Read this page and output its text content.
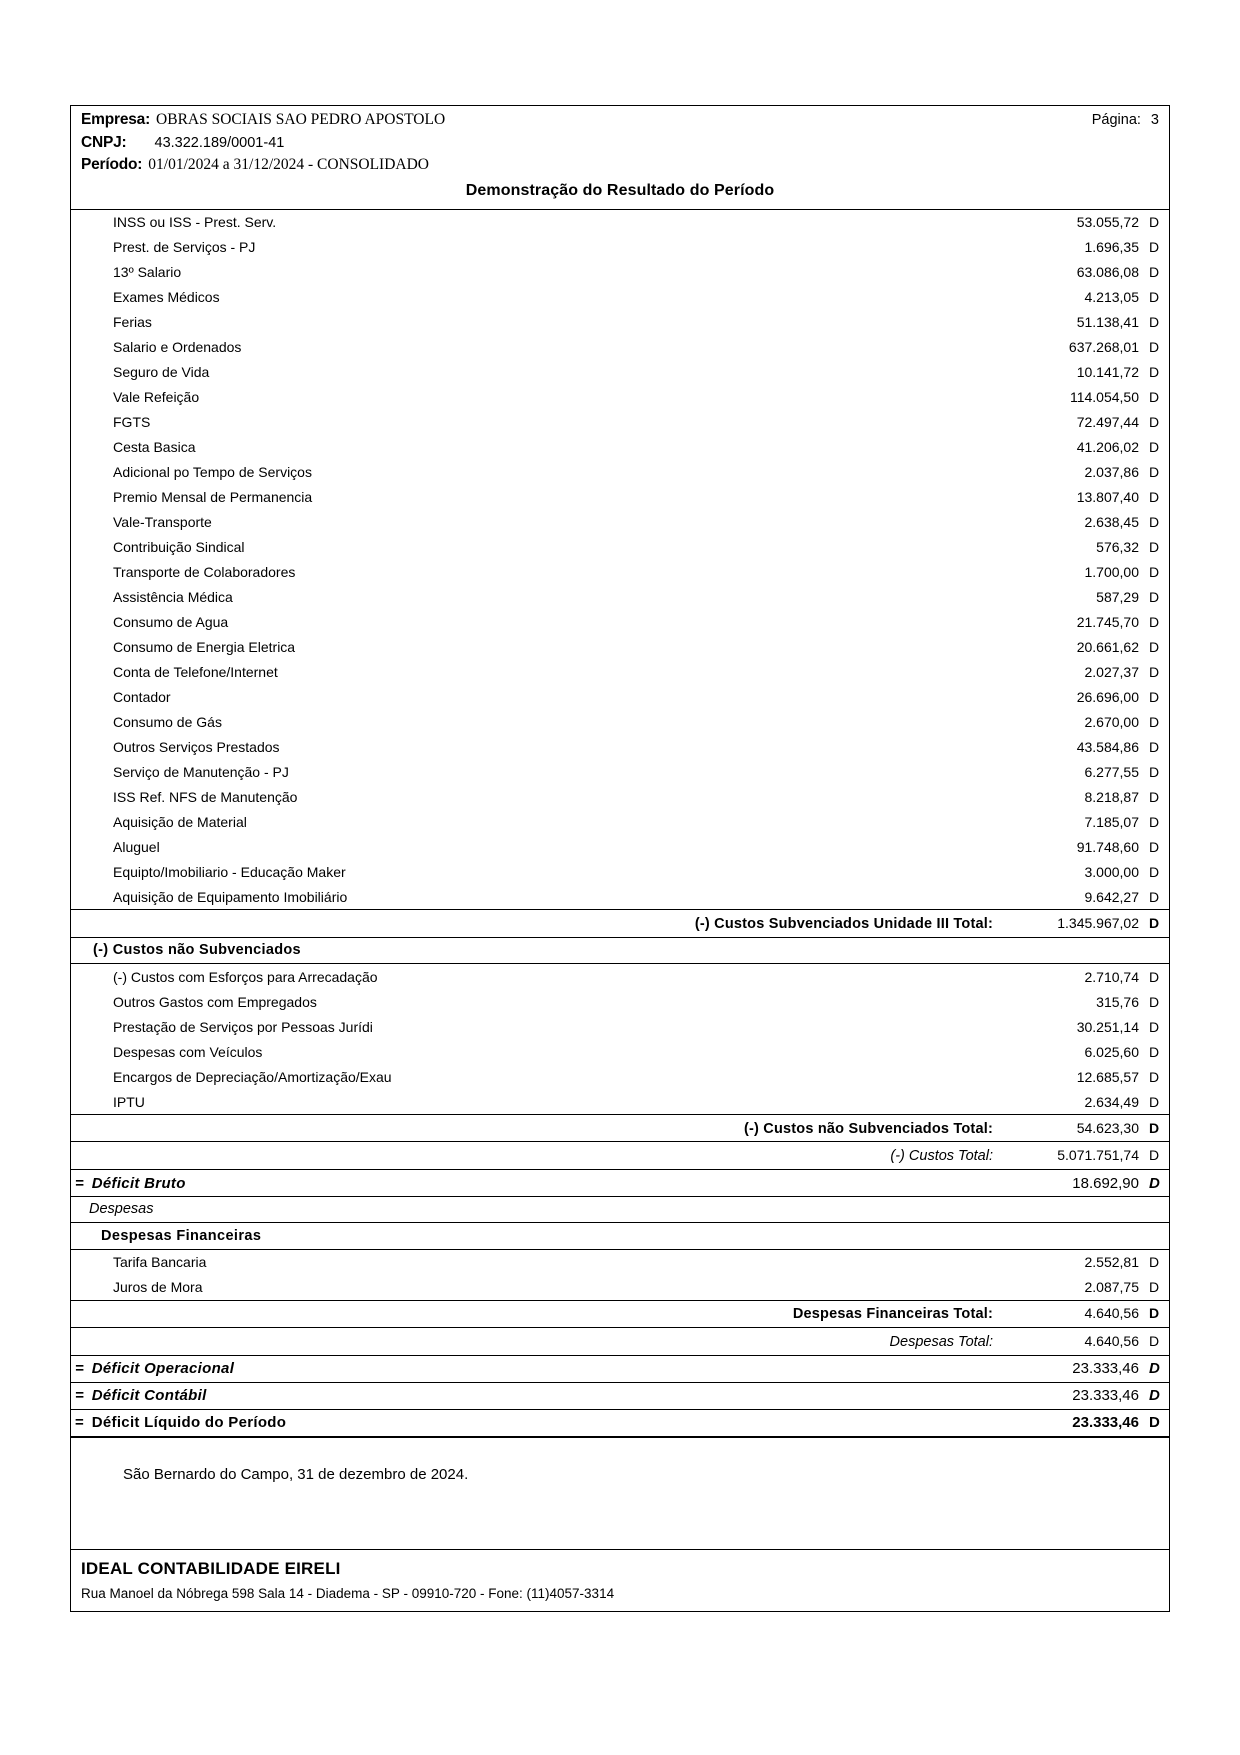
Empresa: OBRAS SOCIAIS SAO PEDRO APOSTOLO	Página: 3
CNPJ: 43.322.189/0001-41
Período: 01/01/2024 a 31/12/2024 - CONSOLIDADO
Demonstração do Resultado do Período
INSS ou ISS - Prest. Serv.	53.055,72 D
Prest. de Serviços - PJ	1.696,35 D
13º Salario	63.086,08 D
Exames Médicos	4.213,05 D
Ferias	51.138,41 D
Salario e Ordenados	637.268,01 D
Seguro de Vida	10.141,72 D
Vale Refeição	114.054,50 D
FGTS	72.497,44 D
Cesta Basica	41.206,02 D
Adicional po Tempo de Serviços	2.037,86 D
Premio Mensal de Permanencia	13.807,40 D
Vale-Transporte	2.638,45 D
Contribuição Sindical	576,32 D
Transporte de Colaboradores	1.700,00 D
Assistência Médica	587,29 D
Consumo de Agua	21.745,70 D
Consumo de Energia Eletrica	20.661,62 D
Conta de Telefone/Internet	2.027,37 D
Contador	26.696,00 D
Consumo de Gás	2.670,00 D
Outros Serviços Prestados	43.584,86 D
Serviço de Manutenção - PJ	6.277,55 D
ISS Ref. NFS de Manutenção	8.218,87 D
Aquisição de Material	7.185,07 D
Aluguel	91.748,60 D
Equipto/Imobiliario - Educação Maker	3.000,00 D
Aquisição de Equipamento Imobiliário	9.642,27 D
(-) Custos Subvenciados Unidade III Total:	1.345.967,02 D
(-) Custos não Subvenciados
(-) Custos com Esforços para Arrecadação	2.710,74 D
Outros Gastos com Empregados	315,76 D
Prestação de Serviços por Pessoas Jurídi	30.251,14 D
Despesas com Veículos	6.025,60 D
Encargos de Depreciação/Amortização/Exau	12.685,57 D
IPTU	2.634,49 D
(-) Custos não Subvenciados Total:	54.623,30 D
(-) Custos Total:	5.071.751,74 D
= Déficit Bruto	18.692,90 D
Despesas
Despesas Financeiras
Tarifa Bancaria	2.552,81 D
Juros de Mora	2.087,75 D
Despesas Financeiras Total:	4.640,56 D
Despesas Total:	4.640,56 D
= Déficit Operacional	23.333,46 D
= Déficit Contábil	23.333,46 D
= Déficit Líquido do Período	23.333,46 D
São Bernardo do Campo, 31 de dezembro de 2024.
IDEAL CONTABILIDADE EIRELI
Rua Manoel da Nóbrega 598 Sala 14 - Diadema - SP - 09910-720 - Fone: (11)4057-3314
